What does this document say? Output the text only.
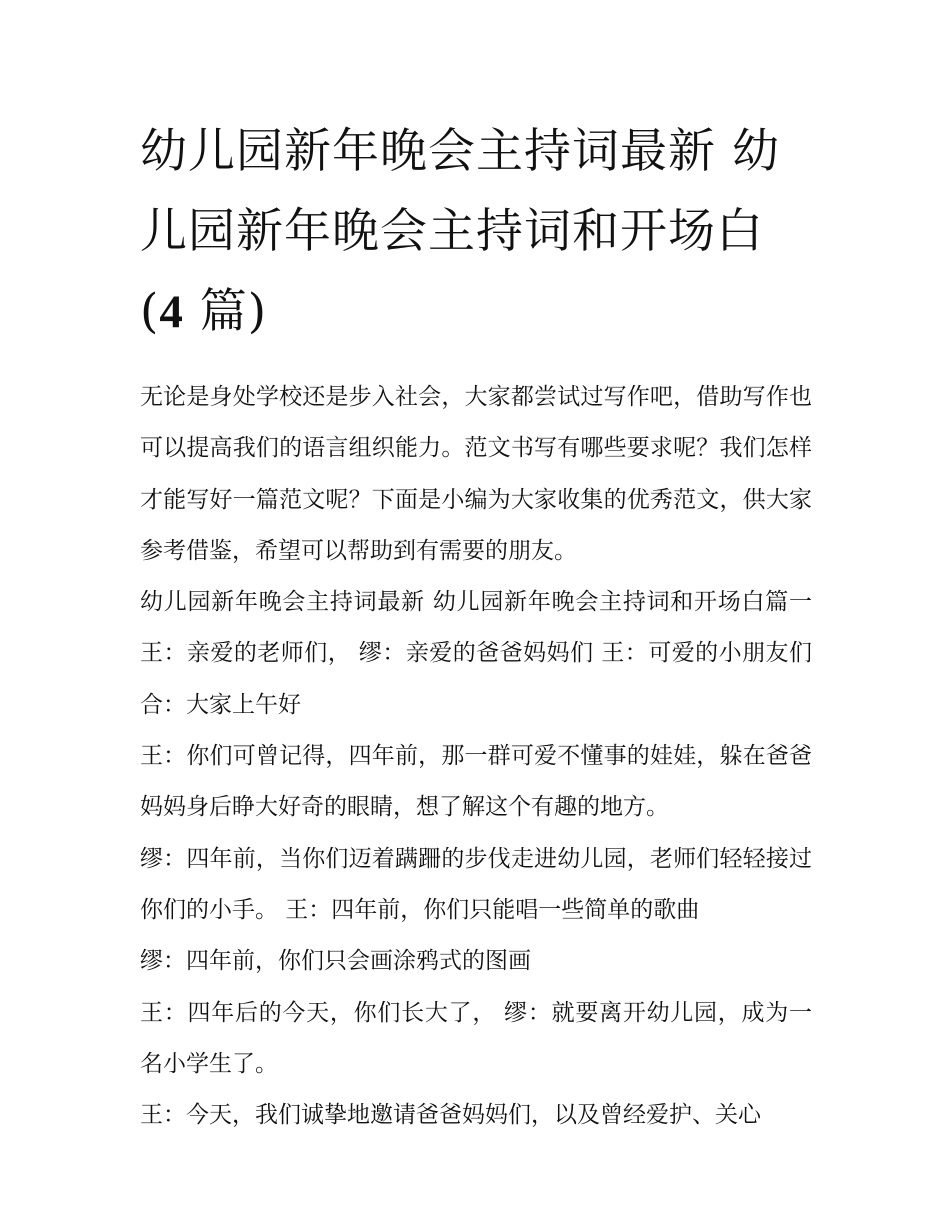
幼儿园新年晚会主持词最新 幼儿园新年晚会主持词和开场白
(4 篇)

无论是身处学校还是步入社会，大家都尝试过写作吧，借助写作也可以提高我们的语言组织能力。范文书写有哪些要求呢？我们怎样才能写好一篇范文呢？下面是小编为大家收集的优秀范文，供大家参考借鉴，希望可以帮助到有需要的朋友。

幼儿园新年晚会主持词最新 幼儿园新年晚会主持词和开场白篇一 王：亲爱的老师们， 缪：亲爱的爸爸妈妈们 王：可爱的小朋友们 合：大家上午好

王：你们可曾记得，四年前，那一群可爱不懂事的娃娃，躲在爸爸妈妈身后睁大好奇的眼睛，想了解这个有趣的地方。

缪：四年前，当你们迈着蹒跚的步伐走进幼儿园，老师们轻轻接过你们的小手。 王：四年前，你们只能唱一些简单的歌曲

缪：四年前，你们只会画涂鸦式的图画

王：四年后的今天，你们长大了， 缪：就要离开幼儿园，成为一名小学生了。

王：今天，我们诚挚地邀请爸爸妈妈们，以及曾经爱护、关心
